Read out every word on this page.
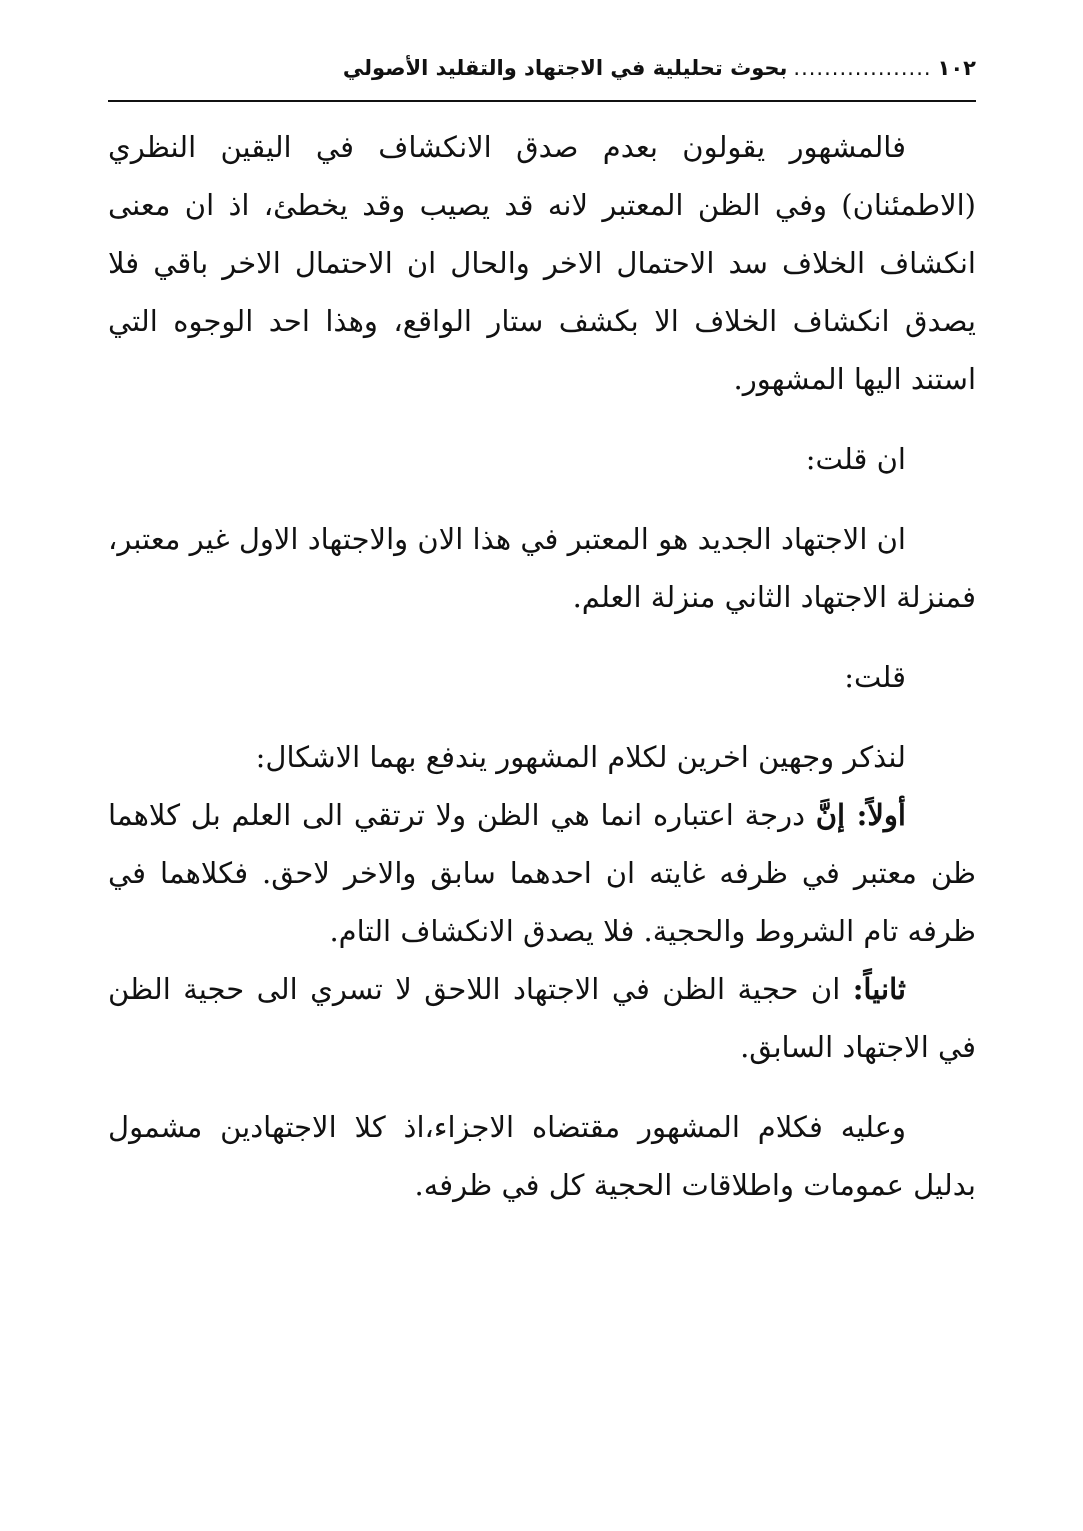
١٠٢
..................
بحوث تحليلية في الاجتهاد والتقليد الأصولي

فالمشهور يقولون بعدم صدق الانكشاف في اليقين النظري (الاطمئنان) وفي الظن المعتبر لانه قد يصيب وقد يخطئ، اذ ان معنى انكشاف الخلاف سد الاحتمال الاخر والحال ان الاحتمال الاخر باقي فلا يصدق انكشاف الخلاف الا بكشف ستار الواقع، وهذا احد الوجوه التي استند اليها المشهور.

ان قلت:

ان الاجتهاد الجديد هو المعتبر في هذا الان والاجتهاد الاول غير معتبر، فمنزلة الاجتهاد الثاني منزلة العلم.

قلت:

لنذكر وجهين اخرين لكلام المشهور يندفع بهما الاشكال:

أولاً: إنَّ درجة اعتباره انما هي الظن ولا ترتقي الى العلم بل كلاهما ظن معتبر في ظرفه غايته ان احدهما سابق والاخر لاحق. فكلاهما في ظرفه تام الشروط والحجية. فلا يصدق الانكشاف التام.

ثانياً: ان حجية الظن في الاجتهاد اللاحق لا تسري الى حجية الظن في الاجتهاد السابق.

وعليه فكلام المشهور مقتضاه الاجزاء،اذ كلا الاجتهادين مشمول بدليل عمومات واطلاقات الحجية كل في ظرفه.
